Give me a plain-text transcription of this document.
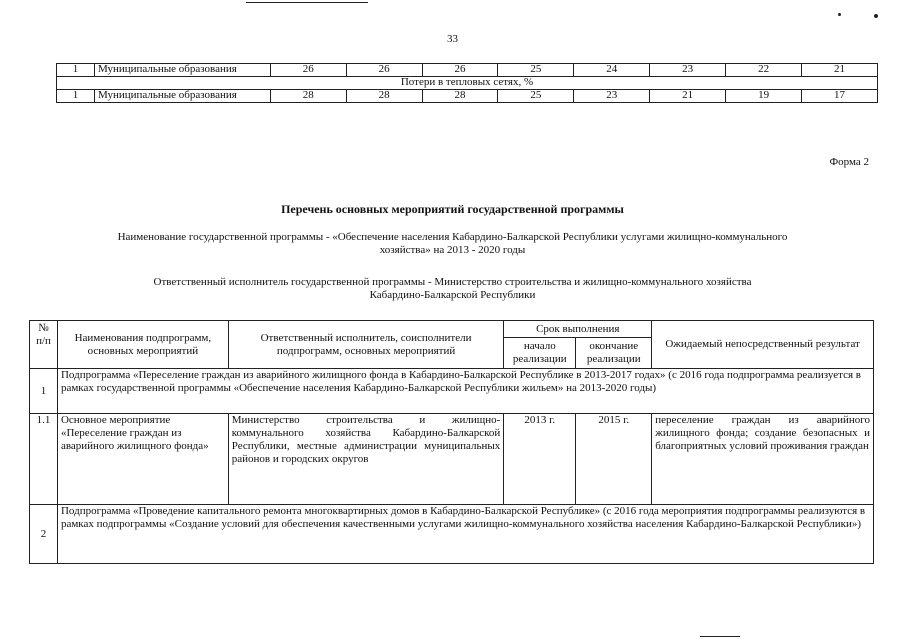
33
1	Муниципальные образования	26	26	26	25	24	23	22	21
Потери в тепловых сетях, %									
1	Муниципальные образования	28	28	28	25	23	21	19	17
Форма 2
Перечень основных мероприятий государственной программы
Наименование государственной программы - «Обеспечение населения Кабардино-Балкарской Республики услугами жилищно-коммунального
хозяйства» на 2013 - 2020 годы
Ответственный исполнитель государственной программы - Министерство строительства и жилищно-коммунального хозяйства
Кабардино-Балкарской Республики
№ п/п	Наименования подпрограмм, основных мероприятий	Ответственный исполнитель, соисполнители подпрограмм, основных мероприятий	Срок выполнения		Ожидаемый непосредственный результат
			начало реализации	окончание реализации	
1	Подпрограмма «Переселение граждан из аварийного жилищного фонда в Кабардино-Балкарской Республике в 2013-2017 годах» (с 2016 года подпрограмма реализуется в рамках государственной программы «Обеспечение населения Кабардино-Балкарской Республики жильем» на 2013-2020 годы)				
1.1	Основное мероприятие «Переселение граждан из аварийного жилищного фонда»	Министерство строительства и жилищно-коммунального хозяйства Кабардино-Балкарской Республики, местные администрации муниципальных районов и городских округов	2013 г.	2015 г.	переселение граждан из аварийного жилищного фонда; создание безопасных и благоприятных условий проживания граждан
2	Подпрограмма «Проведение капитального ремонта многоквартирных домов в Кабардино-Балкарской Республике» (с 2016 года мероприятия подпрограммы реализуются в рамках подпрограммы «Создание условий для обеспечения качественными услугами жилищно-коммунального хозяйства населения Кабардино-Балкарской Республики»)				
